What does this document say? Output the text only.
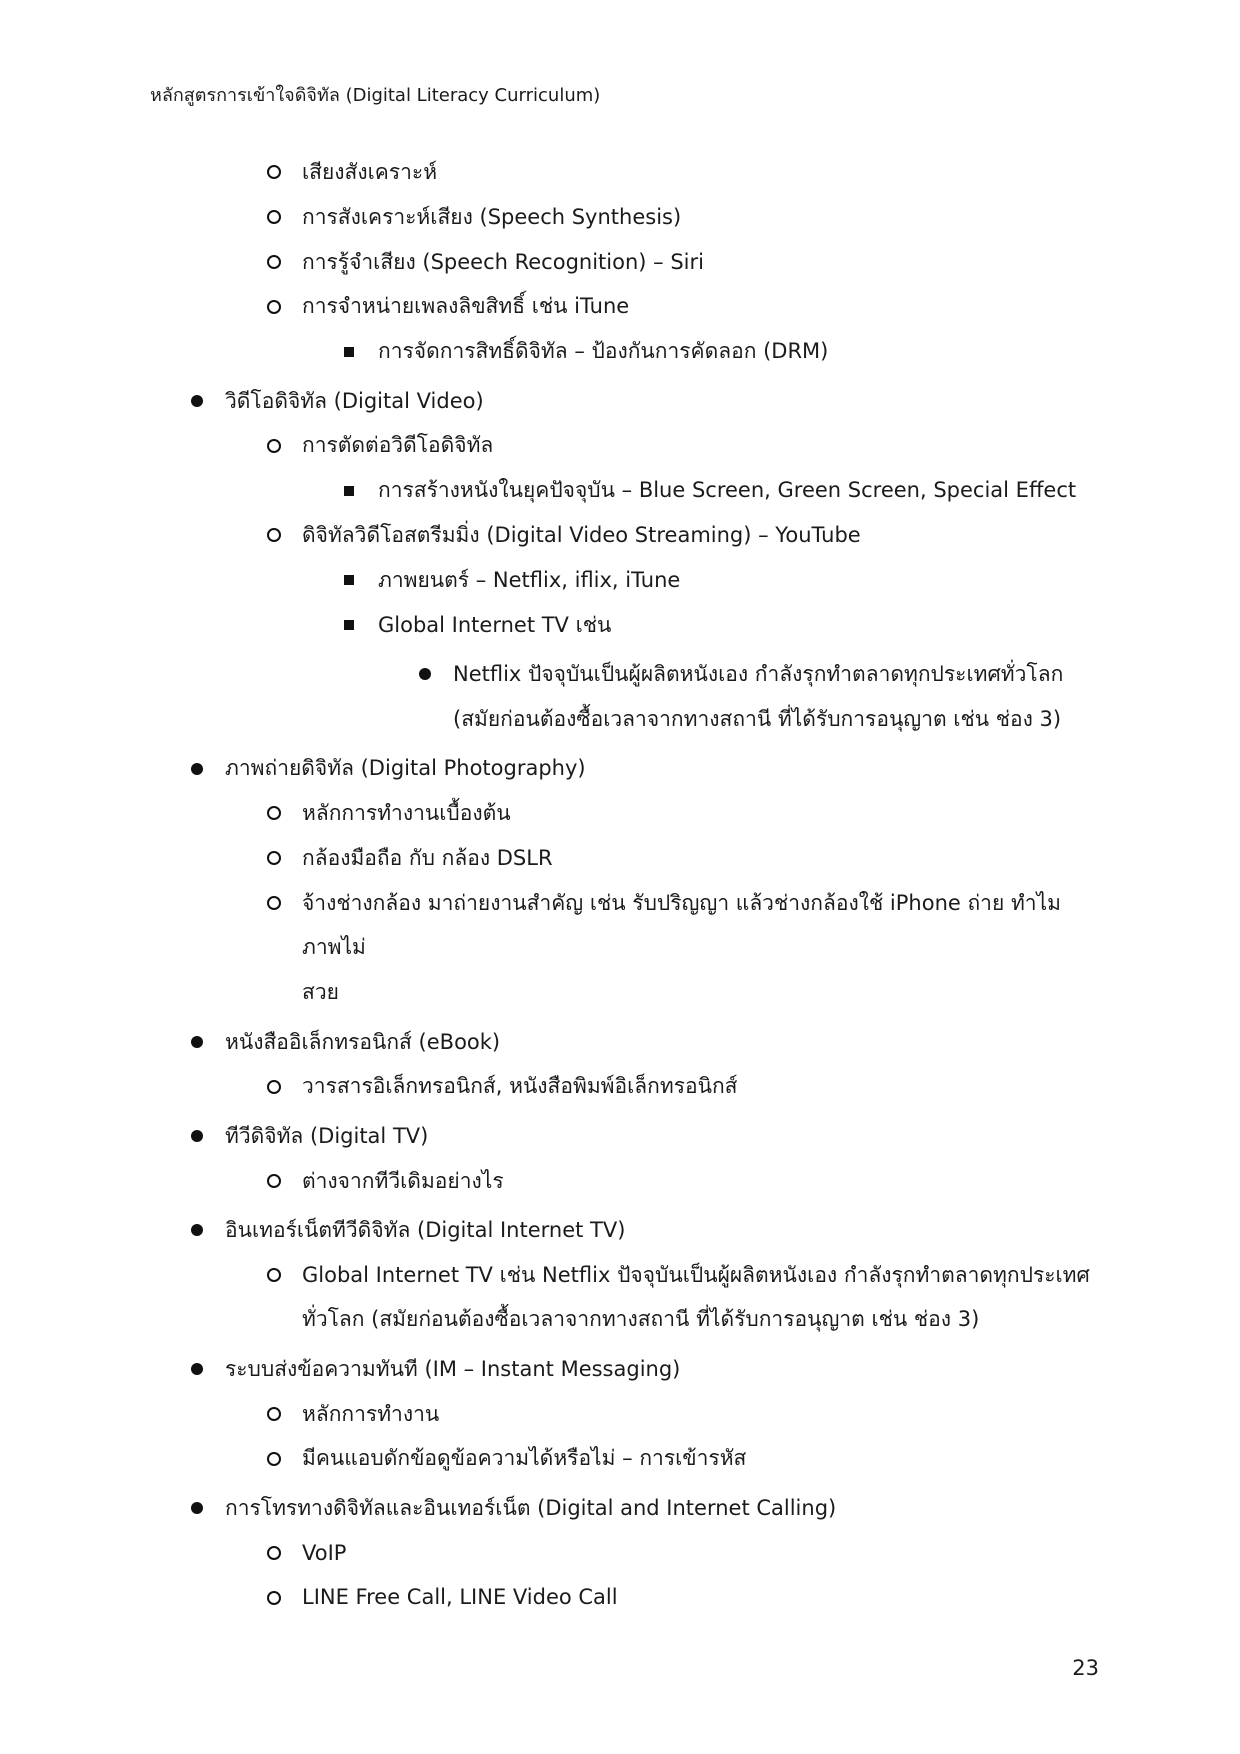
หลักสูตรการเข้าใจดิจิทัล (Digital Literacy Curriculum)
เสียงสังเคราะห์
การสังเคราะห์เสียง (Speech Synthesis)
การรู้จำเสียง (Speech Recognition) – Siri
การจำหน่ายเพลงลิขสิทธิ์ เช่น iTune
การจัดการสิทธิ์ดิจิทัล – ป้องกันการคัดลอก (DRM)
วิดีโอดิจิทัล (Digital Video)
การตัดต่อวิดีโอดิจิทัล
การสร้างหนังในยุคปัจจุบัน – Blue Screen, Green Screen, Special Effect
ดิจิทัลวิดีโอสตรีมมิ่ง (Digital Video Streaming) – YouTube
ภาพยนตร์ – Netflix, iflix, iTune
Global Internet TV เช่น
Netflix ปัจจุบันเป็นผู้ผลิตหนังเอง กำลังรุกทำตลาดทุกประเทศทั่วโลก
(สมัยก่อนต้องซื้อเวลาจากทางสถานี ที่ได้รับการอนุญาต เช่น ช่อง 3)
ภาพถ่ายดิจิทัล (Digital Photography)
หลักการทำงานเบื้องต้น
กล้องมือถือ กับ กล้อง DSLR
จ้างช่างกล้อง มาถ่ายงานสำคัญ เช่น รับปริญญา แล้วช่างกล้องใช้ iPhone ถ่าย ทำไมภาพไม่
สวย
หนังสืออิเล็กทรอนิกส์ (eBook)
วารสารอิเล็กทรอนิกส์, หนังสือพิมพ์อิเล็กทรอนิกส์
ทีวีดิจิทัล (Digital TV)
ต่างจากทีวีเดิมอย่างไร
อินเทอร์เน็ตทีวีดิจิทัล (Digital Internet TV)
Global Internet TV เช่น Netflix ปัจจุบันเป็นผู้ผลิตหนังเอง กำลังรุกทำตลาดทุกประเทศ
ทั่วโลก (สมัยก่อนต้องซื้อเวลาจากทางสถานี ที่ได้รับการอนุญาต เช่น ช่อง 3)
ระบบส่งข้อความทันที (IM – Instant Messaging)
หลักการทำงาน
มีคนแอบดักข้อดูข้อความได้หรือไม่ – การเข้ารหัส
การโทรทางดิจิทัลและอินเทอร์เน็ต (Digital and Internet Calling)
VoIP
LINE Free Call, LINE Video Call
23
